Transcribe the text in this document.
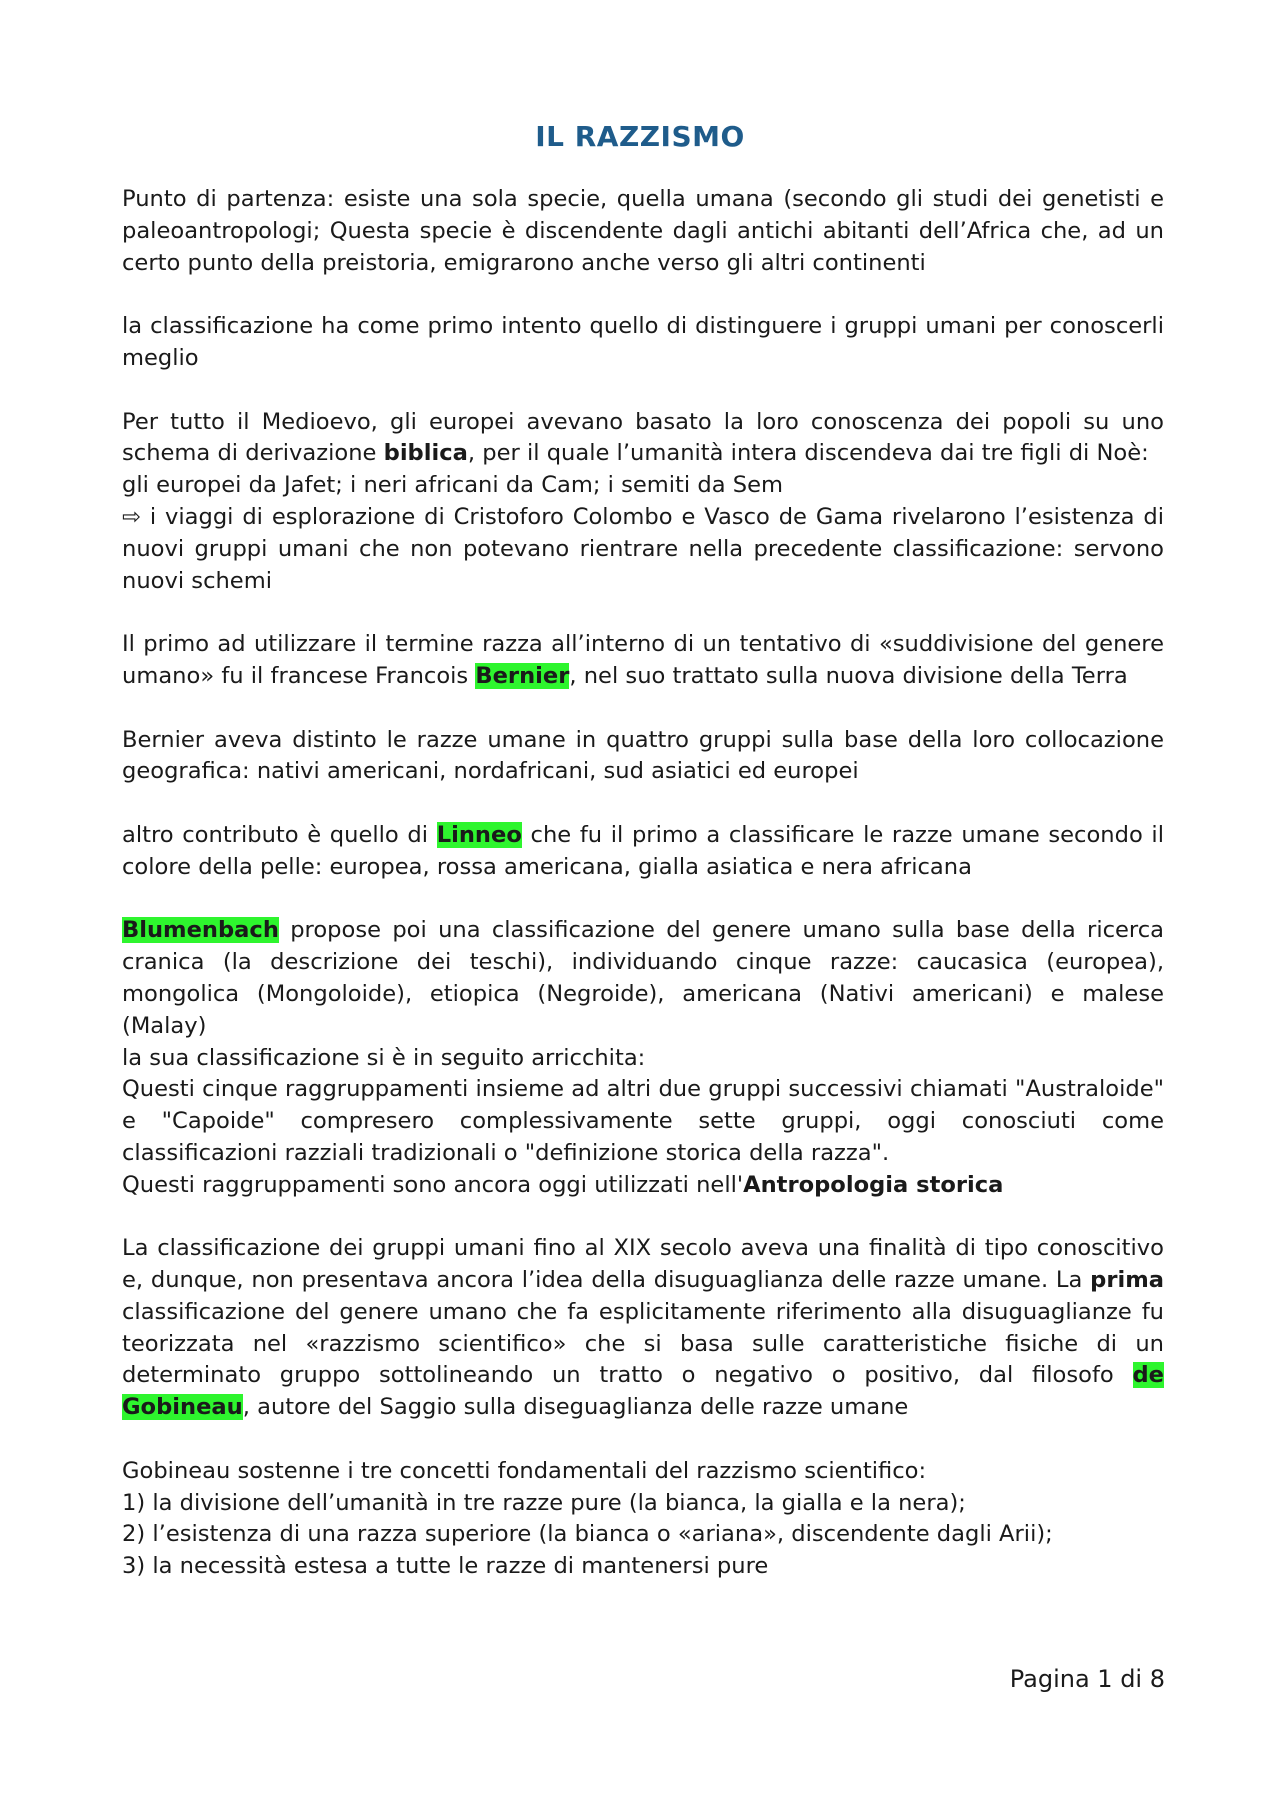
IL RAZZISMO

Punto di partenza: esiste una sola specie, quella umana (secondo gli studi dei genetisti e paleoantropologi; Questa specie è discendente dagli antichi abitanti dell’Africa che, ad un certo punto della preistoria, emigrarono anche verso gli altri continenti

la classificazione ha come primo intento quello di distinguere i gruppi umani per conoscerli meglio

Per tutto il Medioevo, gli europei avevano basato la loro conoscenza dei popoli su uno schema di derivazione biblica, per il quale l’umanità intera discendeva dai tre figli di Noè:
gli europei da Jafet; i neri africani da Cam; i semiti da Sem
⇨ i viaggi di esplorazione di Cristoforo Colombo e Vasco de Gama rivelarono l’esistenza di nuovi gruppi umani che non potevano rientrare nella precedente classificazione: servono nuovi schemi

Il primo ad utilizzare il termine razza all’interno di un tentativo di «suddivisione del genere umano» fu il francese Francois Bernier, nel suo trattato sulla nuova divisione della Terra

Bernier aveva distinto le razze umane in quattro gruppi sulla base della loro collocazione geografica: nativi americani, nordafricani, sud asiatici ed europei

altro contributo è quello di Linneo che fu il primo a classificare le razze umane secondo il colore della pelle: europea, rossa americana, gialla asiatica e nera africana

Blumenbach propose poi una classificazione del genere umano sulla base della ricerca cranica (la descrizione dei teschi), individuando cinque razze: caucasica (europea), mongolica (Mongoloide), etiopica (Negroide), americana (Nativi americani) e malese (Malay)
la sua classificazione si è in seguito arricchita:
Questi cinque raggruppamenti insieme ad altri due gruppi successivi chiamati "Australoide" e "Capoide" compresero complessivamente sette gruppi, oggi conosciuti come classificazioni razziali tradizionali o "definizione storica della razza".
Questi raggruppamenti sono ancora oggi utilizzati nell'Antropologia storica

La classificazione dei gruppi umani fino al XIX secolo aveva una finalità di tipo conoscitivo e, dunque, non presentava ancora l’idea della disuguaglianza delle razze umane. La prima classificazione del genere umano che fa esplicitamente riferimento alla disuguaglianze fu teorizzata nel «razzismo scientifico» che si basa sulle caratteristiche fisiche di un determinato gruppo sottolineando un tratto o negativo o positivo, dal filosofo de Gobineau, autore del Saggio sulla diseguaglianza delle razze umane

Gobineau sostenne i tre concetti fondamentali del razzismo scientifico:
1) la divisione dell’umanità in tre razze pure (la bianca, la gialla e la nera);
2) l’esistenza di una razza superiore (la bianca o «ariana», discendente dagli Arii);
3) la necessità estesa a tutte le razze di mantenersi pure
Pagina 1 di 8
